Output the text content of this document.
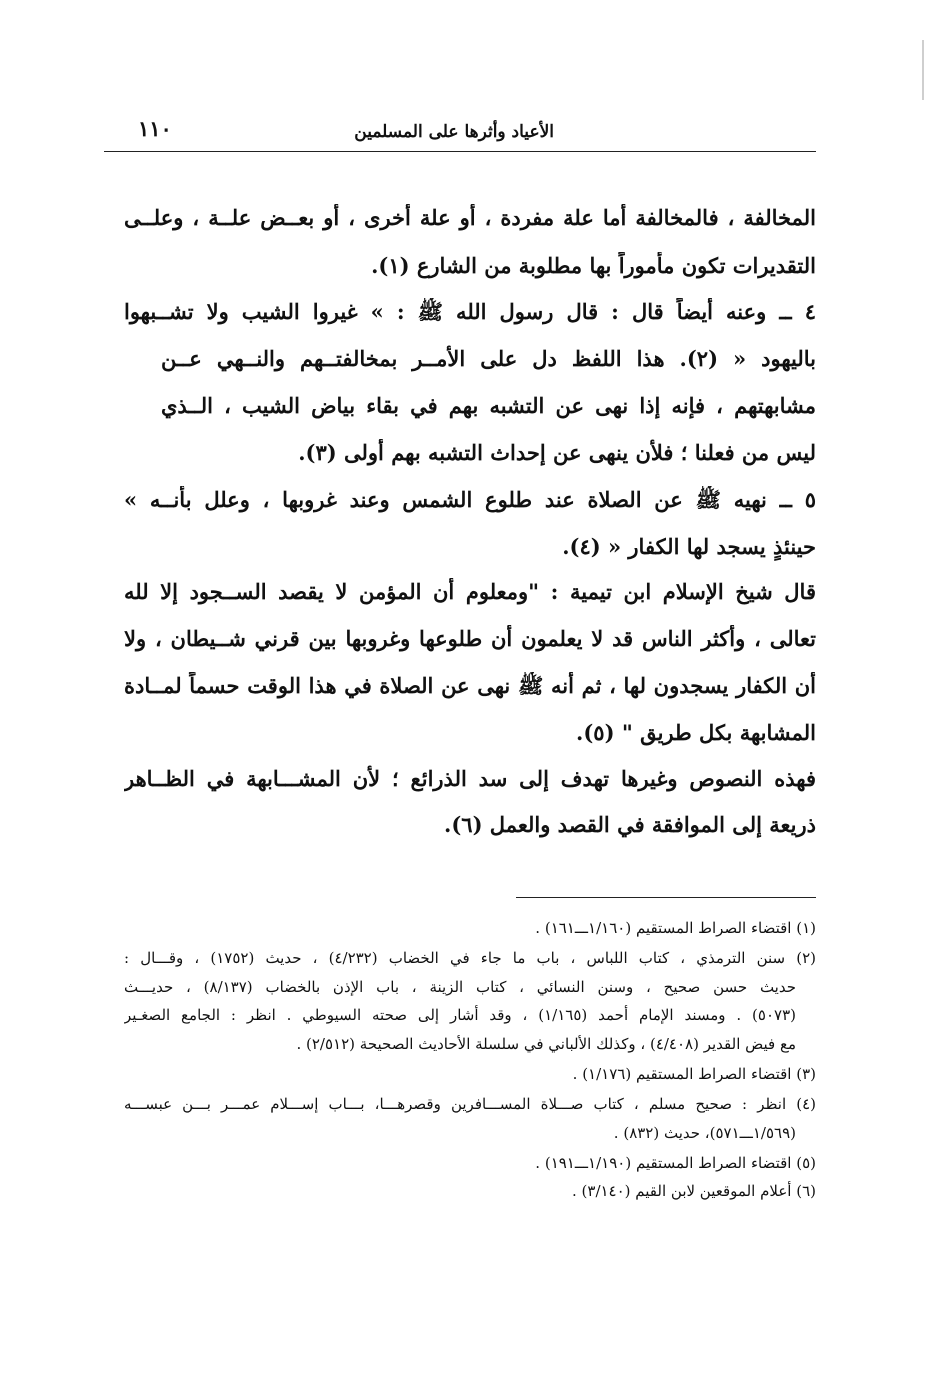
الأعياد وأثرها على المسلمين
١١٠
المخالفة ، فالمخالفة أما علة مفردة ، أو علة أخرى ، أو بعــض علــة ، وعلــى
التقديرات تكون مأموراً بها مطلوبة من الشارع (١).
٤ ــ وعنه أيضاً قال : قال رسول الله ﷺ : » غيروا الشيب ولا تشــبهوا
باليهود « (٢). هذا اللفظ دل على الأمــر بمخالفتــهم والنــهي عــن
مشابهتهم ، فإنه إذا نهى عن التشبه بهم في بقاء بياض الشيب ، الــذي
ليس من فعلنا ؛ فلأن ينهى عن إحداث التشبه بهم أولى (٣).
٥ ــ نهيه ﷺ عن الصلاة عند طلوع الشمس وعند غروبها ، وعلل بأنــه »
حينئذٍ يسجد لها الكفار « (٤).
قال شيخ الإسلام ابن تيمية : "ومعلوم أن المؤمن لا يقصد الســجود إلا لله
تعالى ، وأكثر الناس قد لا يعلمون أن طلوعها وغروبها بين قرني شــيطان ، ولا
أن الكفار يسجدون لها ، ثم أنه ﷺ نهى عن الصلاة في هذا الوقت حسماً لمــادة
المشابهة بكل طريق " (٥).
فهذه النصوص وغيرها تهدف إلى سد الذرائع ؛ لأن المشـــابهة في الظــاهر
ذريعة إلى الموافقة في القصد والعمل (٦).
(١) اقتضاء الصراط المستقيم (١/١٦٠ـــ١٦١) .
(٢) سنن الترمذي ، كتاب اللباس ، باب ما جاء في الخضاب (٤/٢٣٢) ، حديث (١٧٥٢) ، وقـــال :
حديث حسن صحيح ، وسنن النسائي ، كتاب الزينة ، باب الإذن بالخضاب (٨/١٣٧) ، حديـــث
(٥٠٧٣) . ومسند الإمام أحمد (١/١٦٥) ، وقد أشار إلى صحته السيوطي . انظر : الجامع الصغـير
مع فيض القدير (٤/٤٠٨) ، وكذلك الألباني في سلسلة الأحاديث الصحيحة (٢/٥١٢) .
(٣) اقتضاء الصراط المستقيم (١/١٧٦) .
(٤) انظر : صحيح مسلم ، كتاب صـــلاة المســـافرين وقصرهـــا، بـــاب إســـلام عمـــر بـــن عبســـه
(١/٥٦٩ـــ٥٧١)، حديث (٨٣٢) .
(٥) اقتضاء الصراط المستقيم (١/١٩٠ـــ١٩١) .
(٦) أعلام الموقعين لابن القيم (٣/١٤٠) .
